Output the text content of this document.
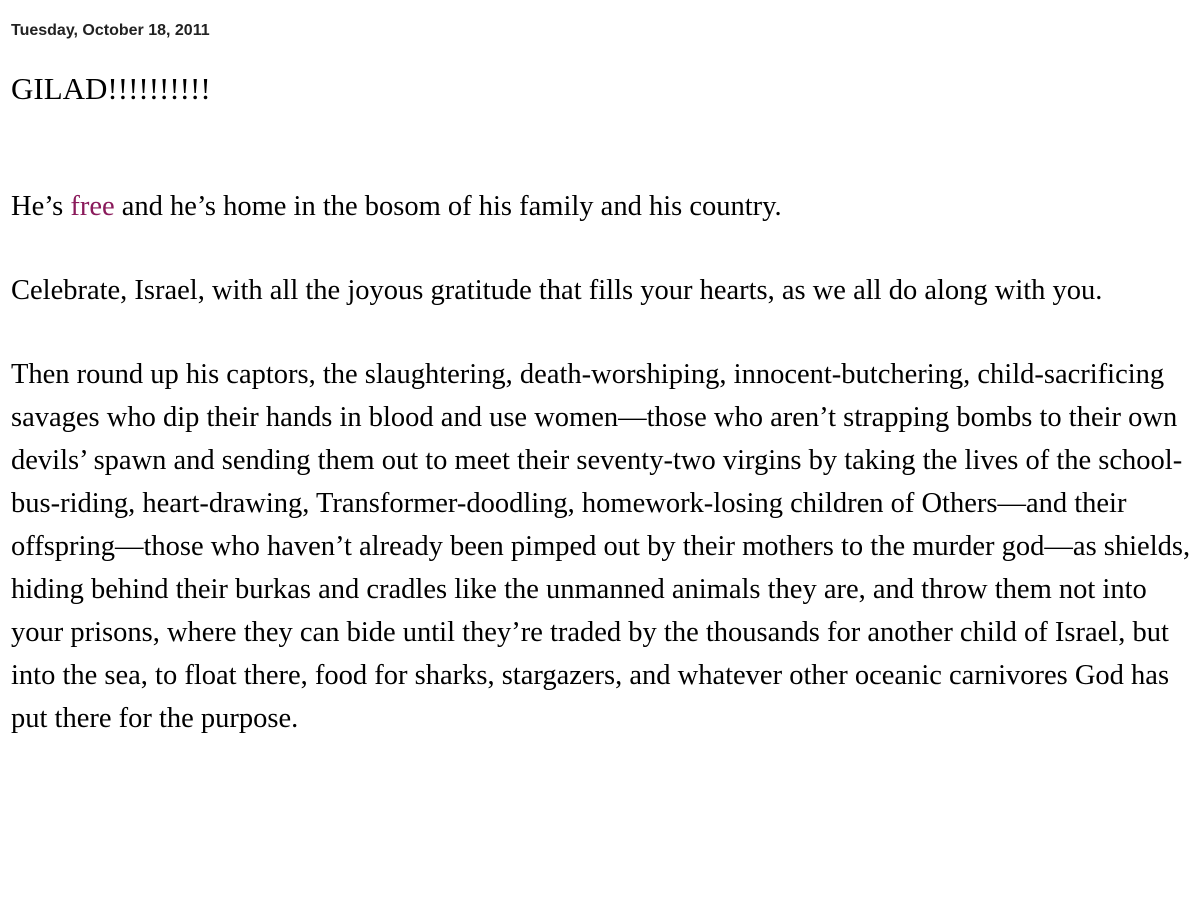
Tuesday, October 18, 2011
GILAD!!!!!!!!!!

He’s free and he’s home in the bosom of his family and his country.

Celebrate, Israel, with all the joyous gratitude that fills your hearts, as we all do along with you.

Then round up his captors, the slaughtering, death-worshiping, innocent-butchering, child-sacrificing savages who dip their hands in blood and use women—those who aren’t strapping bombs to their own devils’ spawn and sending them out to meet their seventy-two virgins by taking the lives of the school-bus-riding, heart-drawing, Transformer-doodling, homework-losing children of Others—and their offspring—those who haven’t already been pimped out by their mothers to the murder god—as shields, hiding behind their burkas and cradles like the unmanned animals they are, and throw them not into your prisons, where they can bide until they’re traded by the thousands for another child of Israel, but into the sea, to float there, food for sharks, stargazers, and whatever other oceanic carnivores God has put there for the purpose.
